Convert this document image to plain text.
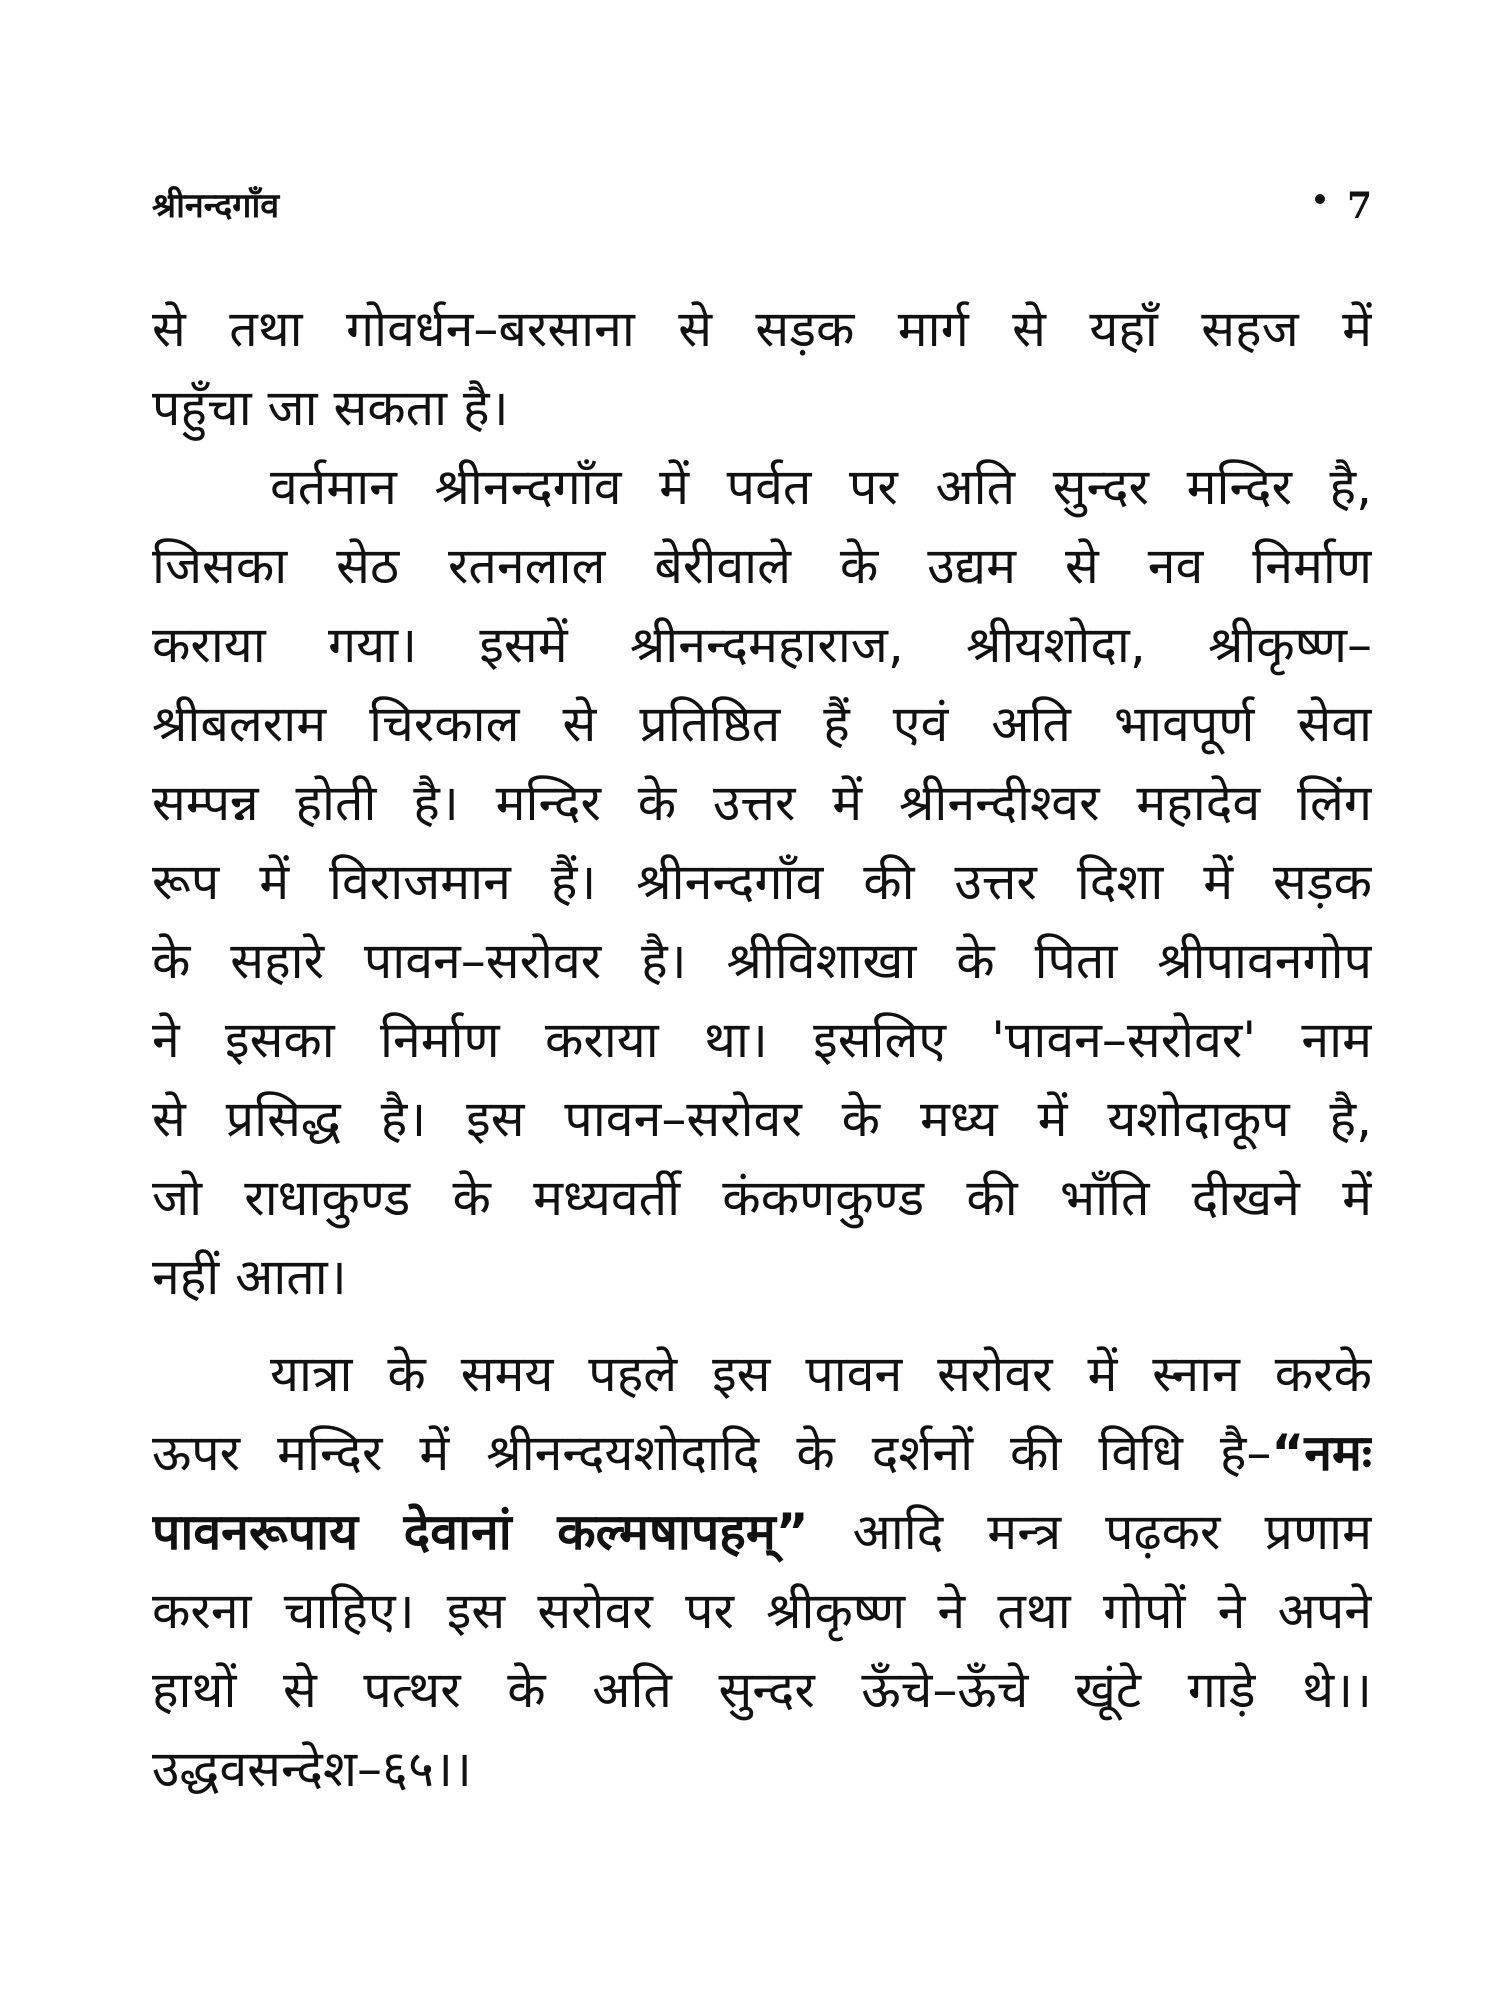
श्रीनन्दगाँव	7
से तथा गोवर्धन–बरसाना से सड़क मार्ग से यहाँ सहज में
पहुँचा जा सकता है।
वर्तमान श्रीनन्दगाँव में पर्वत पर अति सुन्दर मन्दिर है,
जिसका सेठ रतनलाल बेरीवाले के उद्यम से नव निर्माण
कराया गया। इसमें श्रीनन्दमहाराज, श्रीयशोदा, श्रीकृष्ण–
श्रीबलराम चिरकाल से प्रतिष्ठित हैं एवं अति भावपूर्ण सेवा
सम्पन्न होती है। मन्दिर के उत्तर में श्रीनन्दीश्वर महादेव लिंग
रूप में विराजमान हैं। श्रीनन्दगाँव की उत्तर दिशा में सड़क
के सहारे पावन–सरोवर है। श्रीविशाखा के पिता श्रीपावनगोप
ने इसका निर्माण कराया था। इसलिए 'पावन–सरोवर' नाम
से प्रसिद्ध है। इस पावन–सरोवर के मध्य में यशोदाकूप है,
जो राधाकुण्ड के मध्यवर्ती कंकणकुण्ड की भाँति दीखने में
नहीं आता।
यात्रा के समय पहले इस पावन सरोवर में स्नान करके
ऊपर मन्दिर में श्रीनन्दयशोदादि के दर्शनों की विधि है–“नमः
पावनरूपाय देवानां कल्मषापहम्” आदि मन्त्र पढ़कर प्रणाम
करना चाहिए। इस सरोवर पर श्रीकृष्ण ने तथा गोपों ने अपने
हाथों से पत्थर के अति सुन्दर ऊँचे–ऊँचे खूंटे गाड़े थे।।
उद्धवसन्देश–६५।।
